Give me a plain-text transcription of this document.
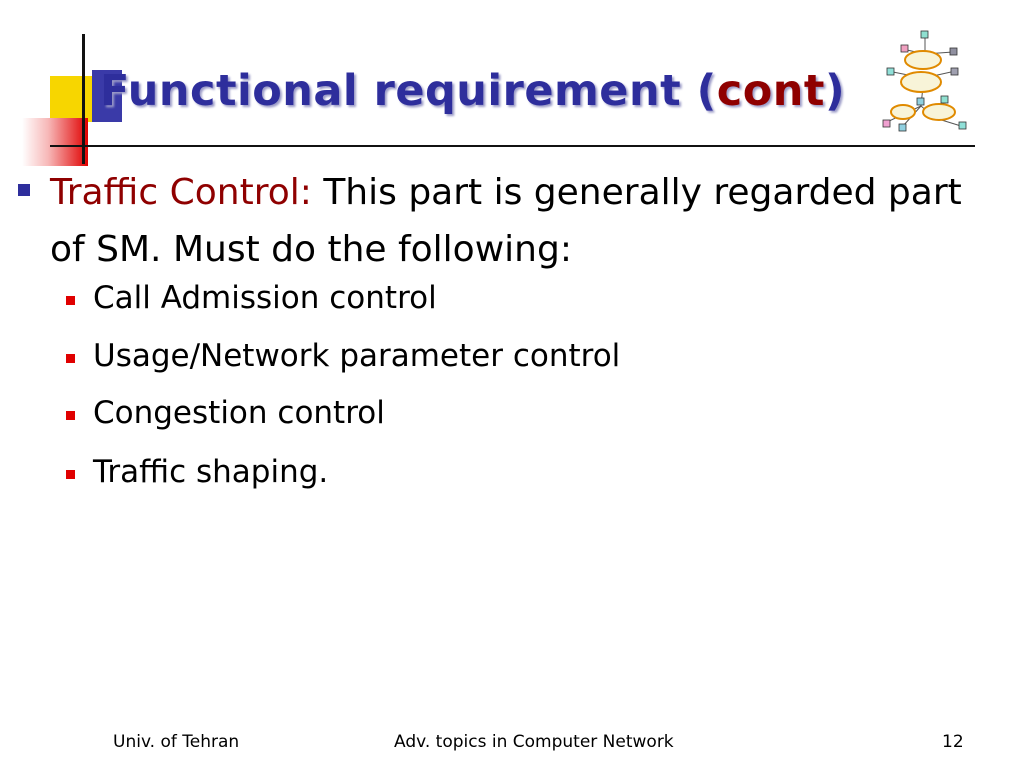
Functional requirement (cont)
Traffic Control: This part is generally regarded part of SM. Must do the following:
Call Admission control
Usage/Network parameter control
Congestion control
Traffic shaping.
Univ. of Tehran	Adv. topics in Computer Network	12
